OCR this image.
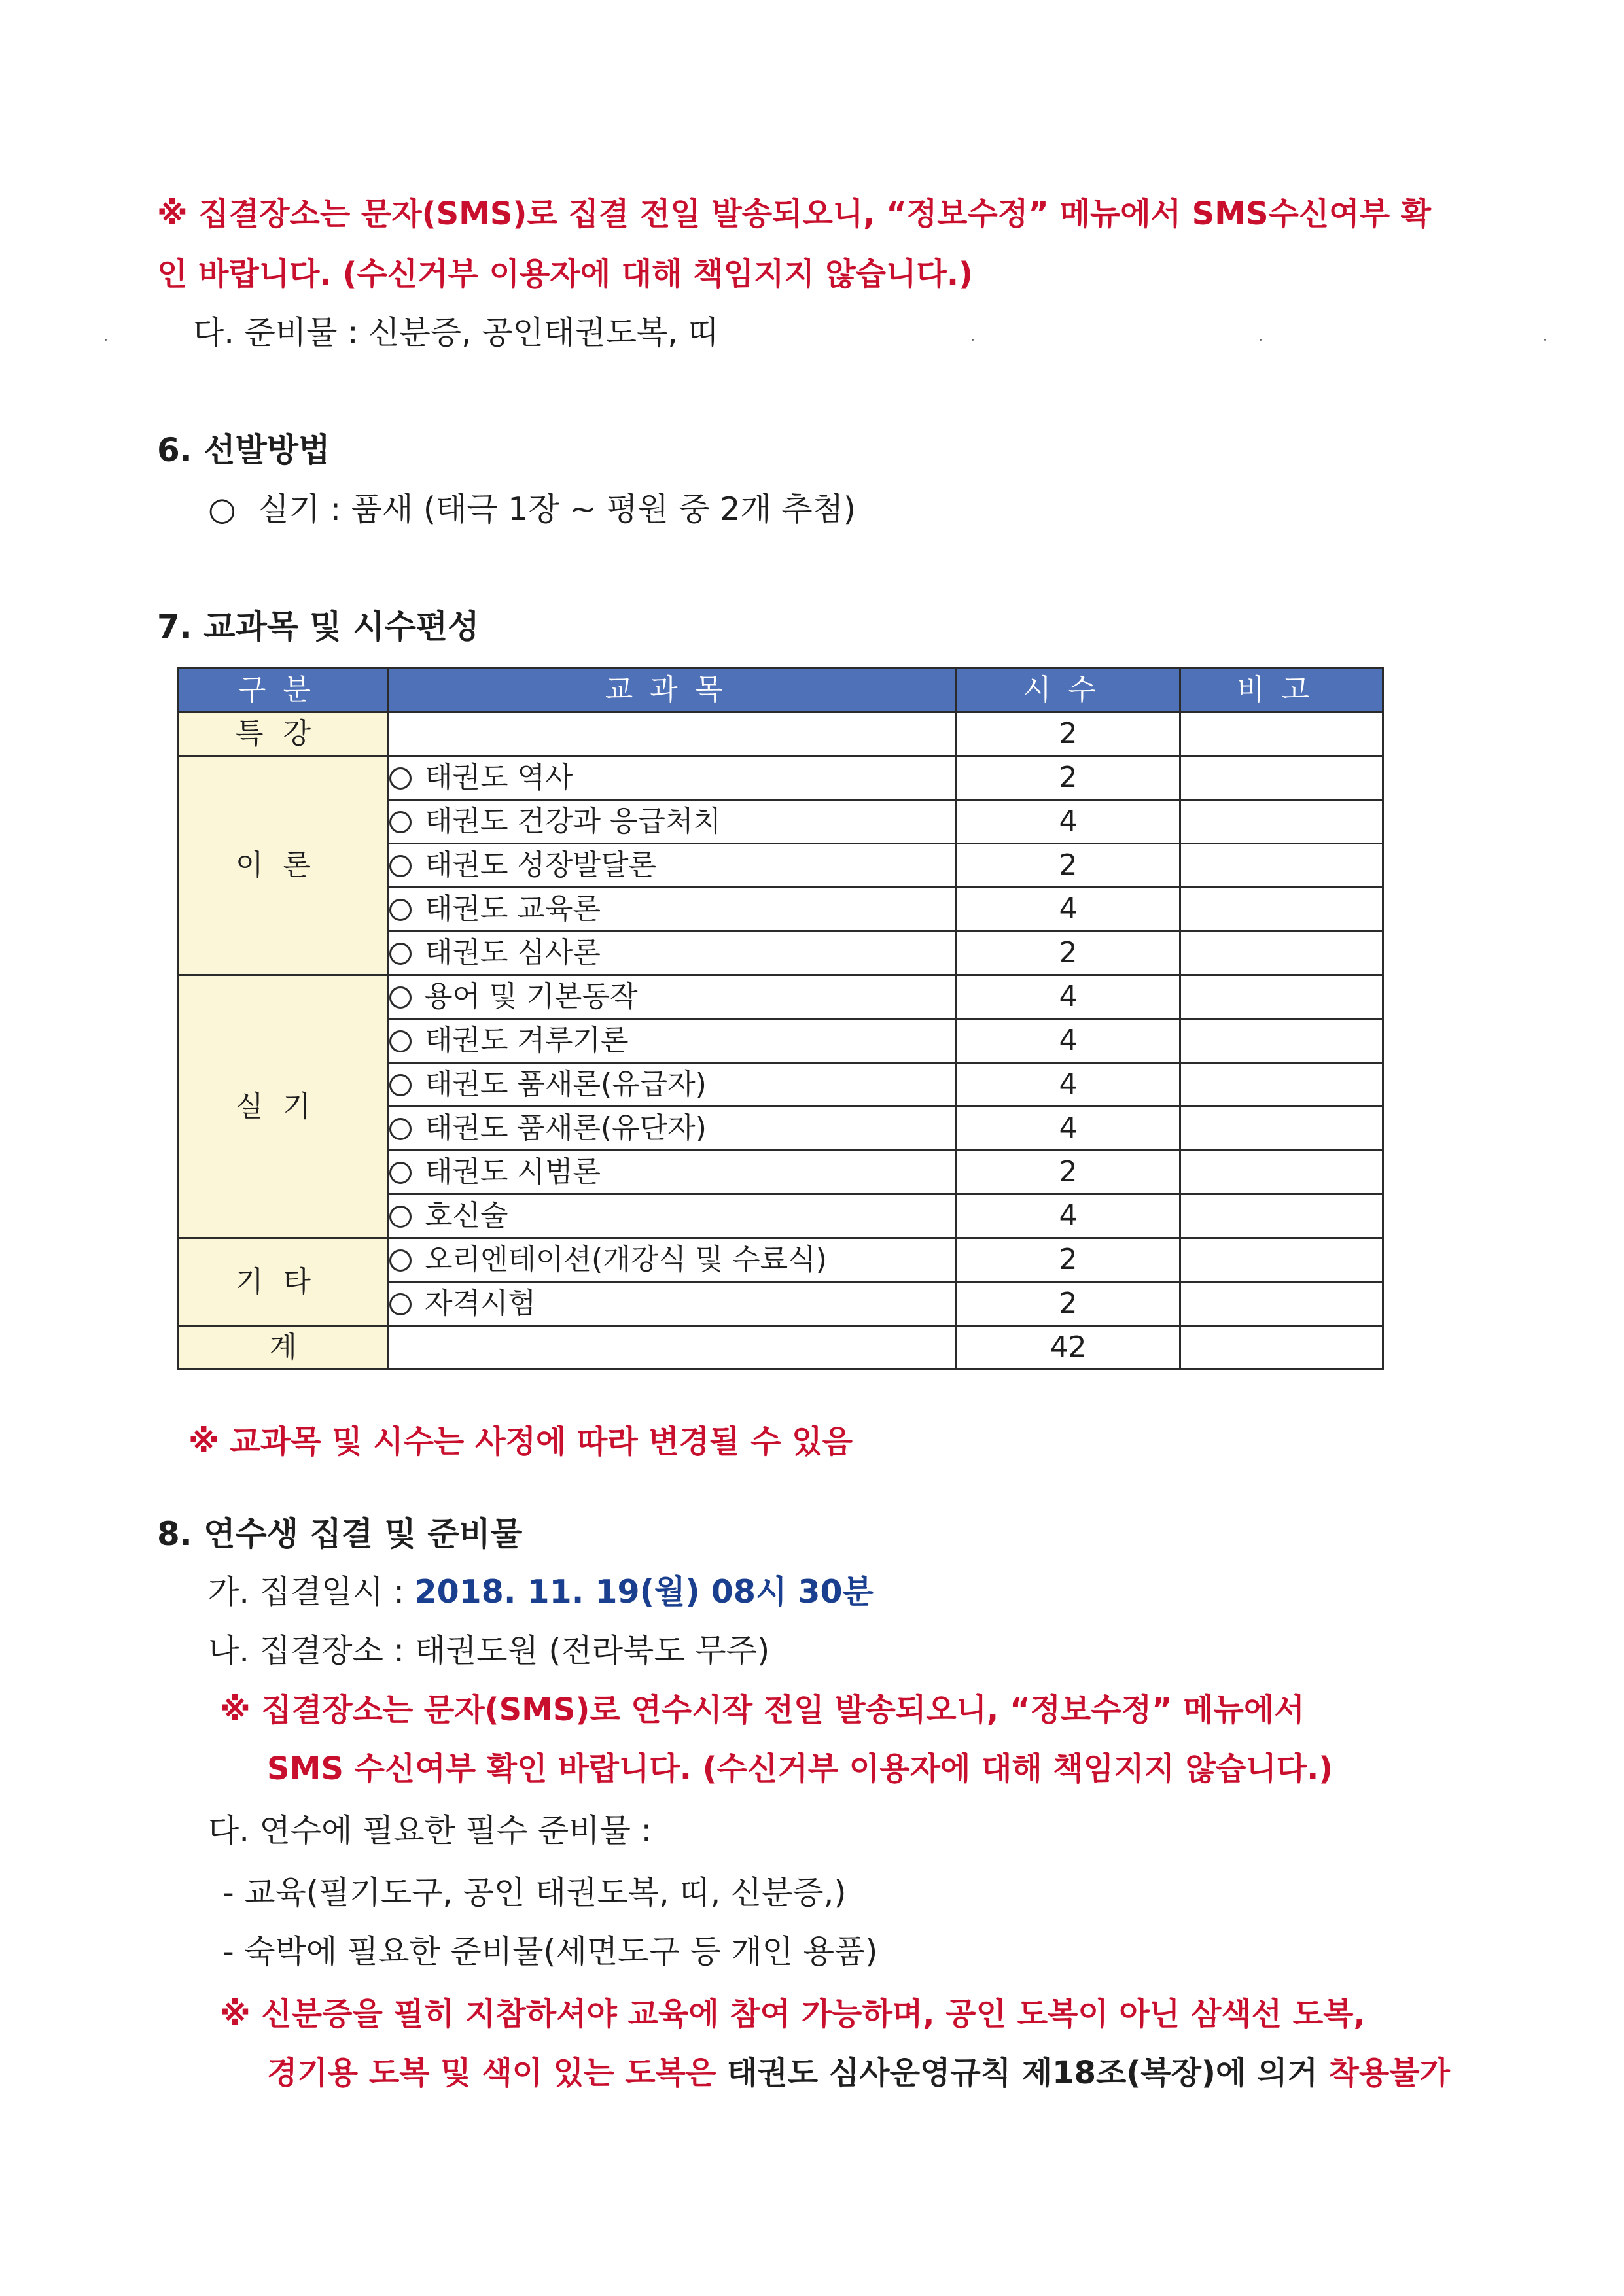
※ 집결장소는 문자(SMS)로 집결 전일 발송되오니, “정보수정” 메뉴에서 SMS수신여부 확
인 바랍니다. (수신거부 이용자에 대해 책임지지 않습니다.)
다. 준비물 : 신분증, 공인태권도복, 띠
6. 선발방법
○ 실기 : 품새 (태극 1장 ~ 평원 중 2개 추첨)
7. 교과목 및 시수편성
구분	교과목	시수	비고
특강		2	
이론	태권도 역사	2	
	태권도 건강과 응급처치	4	
	태권도 성장발달론	2	
	태권도 교육론	4	
	태권도 심사론	2	
실기	용어 및 기본동작	4	
	태권도 겨루기론	4	
	태권도 품새론(유급자)	4	
	태권도 품새론(유단자)	4	
	태권도 시범론	2	
	호신술	4	
기타	오리엔테이션(개강식 및 수료식)	2	
	자격시험	2	
계		42	
※ 교과목 및 시수는 사정에 따라 변경될 수 있음
8. 연수생 집결 및 준비물
가. 집결일시 : 2018. 11. 19(월) 08시 30분
나. 집결장소 : 태권도원 (전라북도 무주)
※ 집결장소는 문자(SMS)로 연수시작 전일 발송되오니, “정보수정” 메뉴에서
SMS 수신여부 확인 바랍니다. (수신거부 이용자에 대해 책임지지 않습니다.)
다. 연수에 필요한 필수 준비물 :
- 교육(필기도구, 공인 태권도복, 띠, 신분증,)
- 숙박에 필요한 준비물(세면도구 등 개인 용품)
※ 신분증을 필히 지참하셔야 교육에 참여 가능하며, 공인 도복이 아닌 삼색선 도복,
경기용 도복 및 색이 있는 도복은 태권도 심사운영규칙 제18조(복장)에 의거 착용불가
